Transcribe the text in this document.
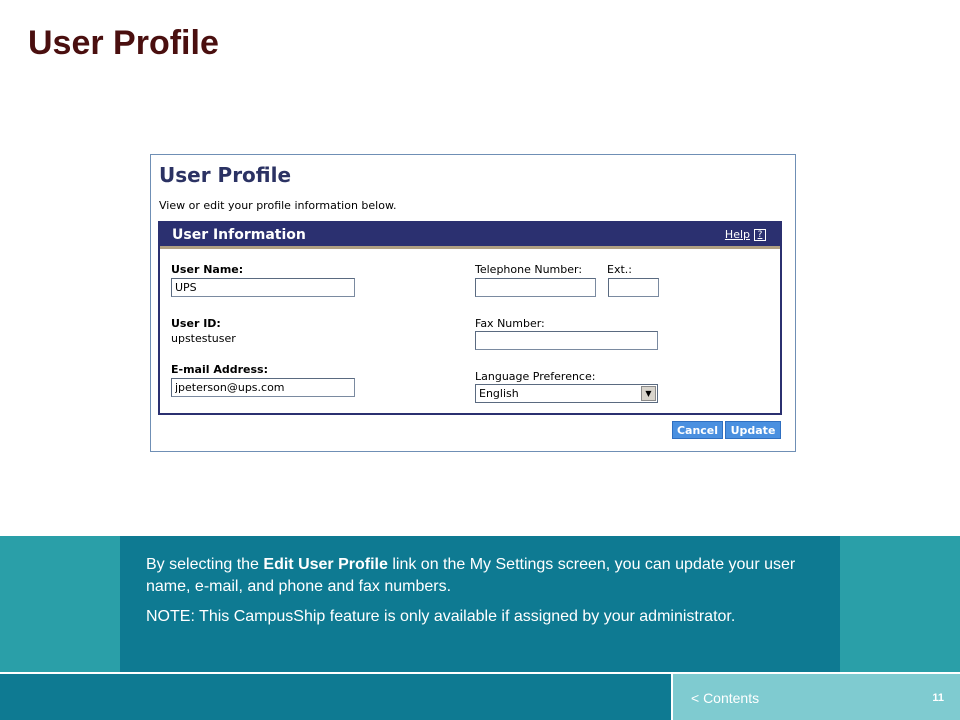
User Profile
User Profile
View or edit your profile information below.
User Information	Help ?
User Name:
UPS
User ID:
upstestuser
E-mail Address:
jpeterson@ups.com
Telephone Number: Ext.:
Fax Number:
Language Preference:
English	▼
Cancel	Update

By selecting the Edit User Profile link on the My Settings screen, you can update your user name, e-mail, and phone and fax numbers.

NOTE: This CampusShip feature is only available if assigned by your administrator.

< Contents	11
